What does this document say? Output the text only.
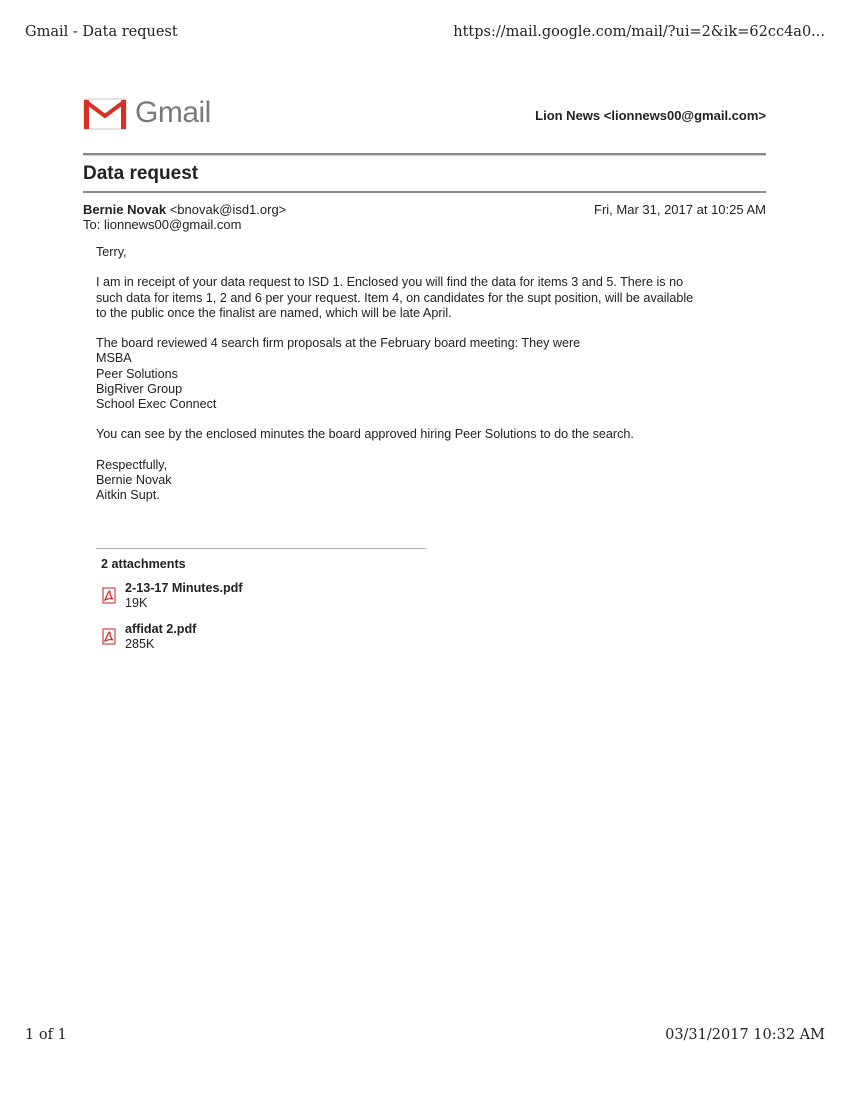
Gmail - Data request	https://mail.google.com/mail/?ui=2&ik=62cc4a0...
Gmail	Lion News <lionnews00@gmail.com>
Data request
Bernie Novak <bnovak@isd1.org>	Fri, Mar 31, 2017 at 10:25 AM
To: lionnews00@gmail.com

Terry,

I am in receipt of your data request to ISD 1. Enclosed you will find the data for items 3 and 5. There is no
such data for items 1, 2 and 6 per your request. Item 4, on candidates for the supt position, will be available
to the public once the finalist are named, which will be late April.

The board reviewed 4 search firm proposals at the February board meeting: They were
MSBA
Peer Solutions
BigRiver Group
School Exec Connect

You can see by the enclosed minutes the board approved hiring Peer Solutions to do the search.

Respectfully,
Bernie Novak
Aitkin Supt.

2 attachments
2-13-17 Minutes.pdf
19K
affidat 2.pdf
285K
1 of 1	03/31/2017 10:32 AM
